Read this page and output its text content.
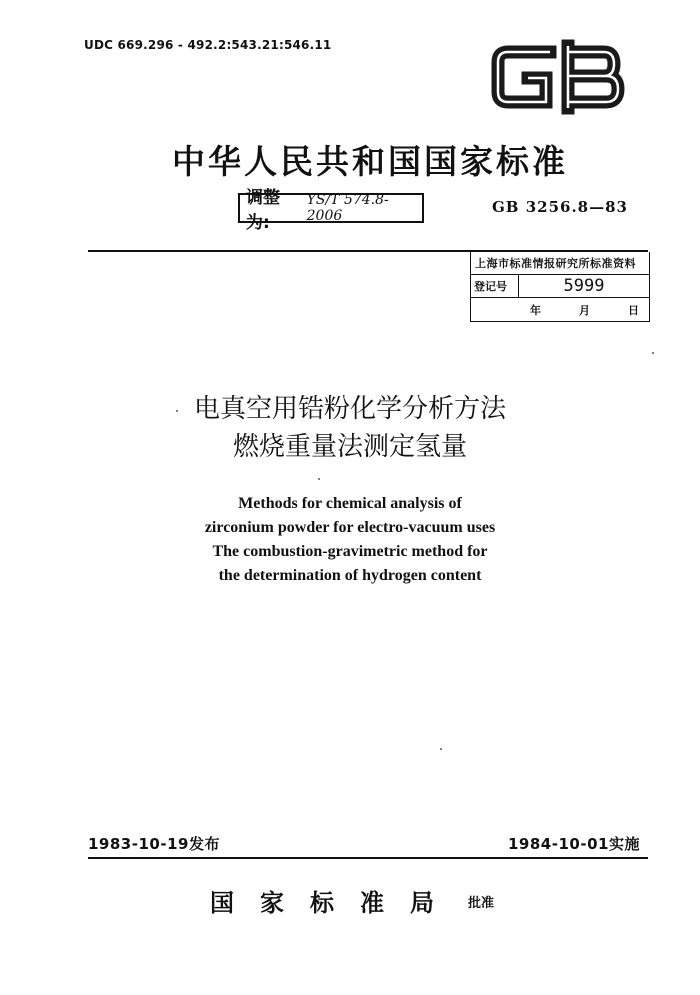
UDC 669.296 - 492.2:543.21:546.11
中华人民共和国国家标准
调整为:
YS/T 574.8-2006	GB 3256.8—83
上海市标准情报研究所标准资料
登记号	5999
年	月	日
电真空用锆粉化学分析方法
燃烧重量法测定氢量
Methods for chemical analysis of
zirconium powder for electro-vacuum uses
The combustion-gravimetric method for
the determination of hydrogen content
1983-10-19发布	1984-10-01实施
国家标准局 批准
